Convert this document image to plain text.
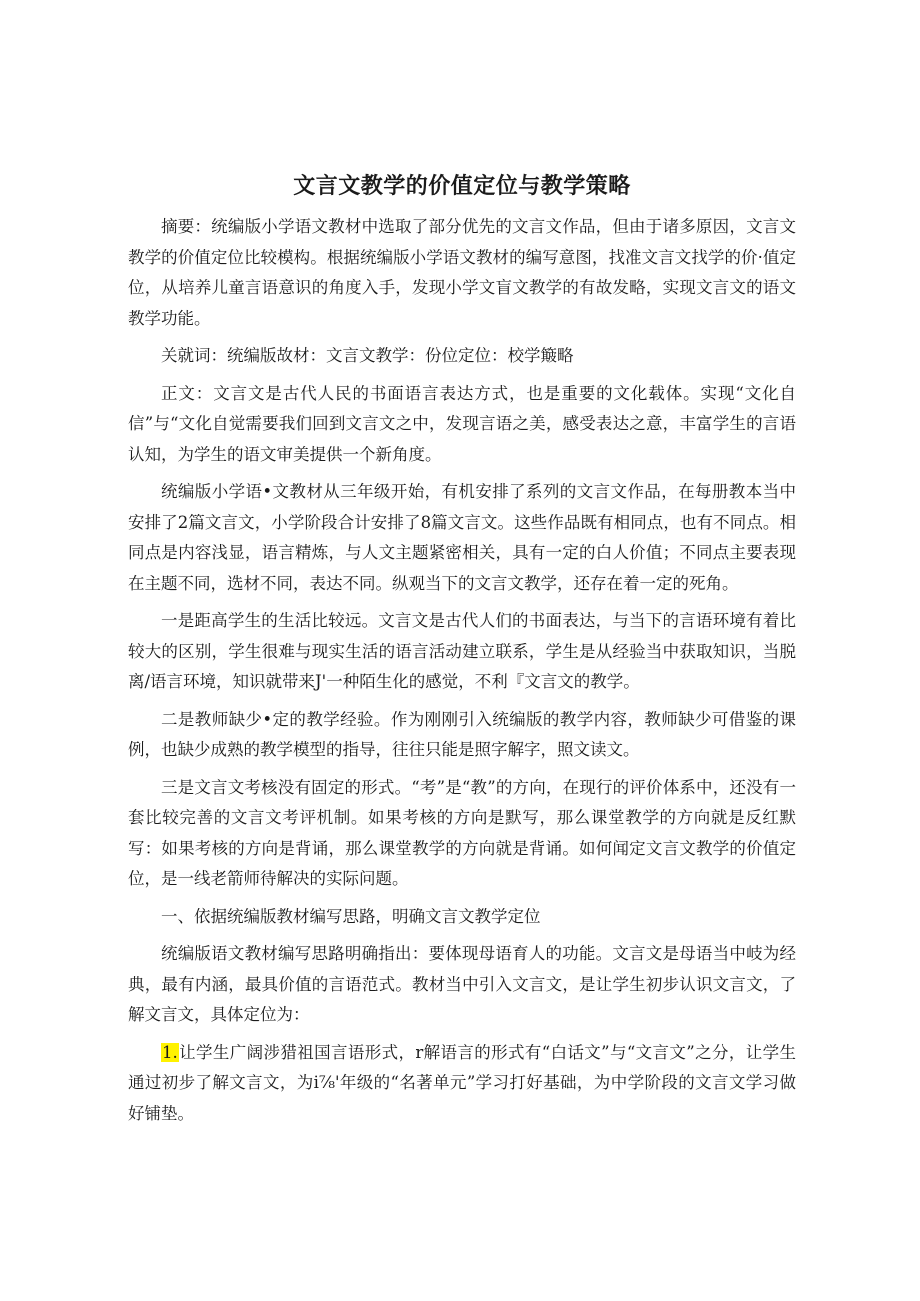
文言文教学的价值定位与教学策略

摘要：统编版小学语文教材中选取了部分优先的文言文作品，但由于诸多原因，文言文教学的价值定位比较模构。根据统编版小学语文教材的编写意图，找准文言文找学的价·值定位，从培养儿童言语意识的角度入手，发现小学文盲文教学的有故发略，实现文言文的语文教学功能。

关就词：统编版故材：文言文教学：份位定位：校学簸略

正文：文言文是古代人民的书面语言表达方式，也是重要的文化载体。实现“文化自信”与“文化自觉需要我们回到文言文之中，发现言语之美，感受表达之意，丰富学生的言语认知，为学生的语文审美提供一个新角度。

统编版小学语•文教材从三年级开始，有机安排了系列的文言文作品，在每册教本当中安排了2篇文言文，小学阶段合计安排了8篇文言文。这些作品既有相同点，也有不同点。相同点是内容浅显，语言精炼，与人文主题紧密相关，具有一定的白人价值；不同点主要表现在主题不同，选材不同，表达不同。纵观当下的文言文教学，还存在着一定的死角。

一是距高学生的生活比较远。文言文是古代人们的书面表达，与当下的言语环境有着比较大的区别，学生很难与现实生活的语言活动建立联系，学生是从经验当中获取知识，当脱离/语言环境，知识就带来J'一种陌生化的感觉，不利『文言文的教学。

二是教师缺少•定的教学经验。作为刚刚引入统编版的教学内容，教师缺少可借鉴的课例，也缺少成熟的教学模型的指导，往往只能是照字解字，照文读文。

三是文言文考核没有固定的形式。“考”是“教”的方向，在现行的评价体系中，还没有一套比较完善的文言文考评机制。如果考核的方向是默写，那么课堂教学的方向就是反红默写：如果考核的方向是背诵，那么课堂教学的方向就是背诵。如何闻定文言文教学的价值定位，是一线老箭师待解决的实际问题。

一、依据统编版教材编写思路，明确文言文教学定位

统编版语文教材编写思路明确指出：要体现母语育人的功能。文言文是母语当中岐为经典，最有内涵，最具价值的言语范式。教材当中引入文言文，是让学生初步认识文言文，了解文言文，具体定位为：

1.让学生广阔涉猎祖国言语形式，r解语言的形式有“白话文”与“文言文”之分，让学生通过初步了解文言文，为i⅞'年级的“名著单元”学习打好基础，为中学阶段的文言文学习做好铺垫。
